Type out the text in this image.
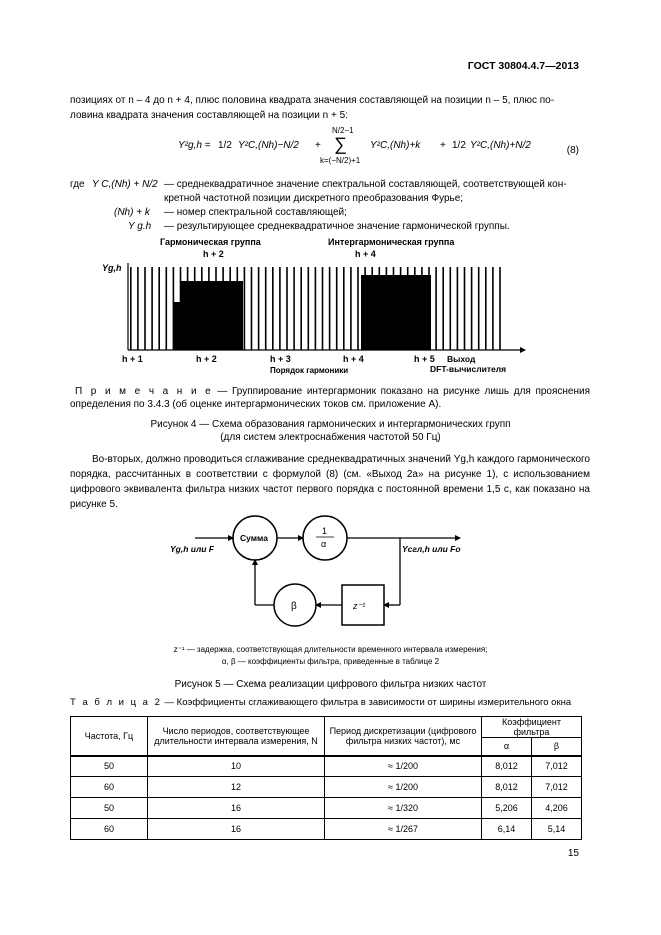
ГОСТ 30804.4.7—2013
позициях от n – 4 до n + 4, плюс половина квадрата значения составляющей на позиции n – 5, плюс по-
ловина квадрата значения составляющей на позиции n + 5:
Y²g,h = 1/2 Y²C,(Nh)−N/2 +
N/2−1
∑
k=(−N/2)+1
Y²C,(Nh)+k + 1/2 Y²C,(Nh)+N/2	(8)
где Y C,(Nh) + N/2 — среднеквадратичное значение спектральной составляющей, соответствующей кон-
кретной частотной позиции дискретного преобразования Фурье;
(Nh) + k — номер спектральной составляющей;
Y g.h — результирующее среднеквадратичное значение гармонической группы.
Гармоническая группа
h + 2
Интергармоническая группа
h + 4
Yg,h
h + 1	h + 2	h + 3	h + 4	h + 5
Порядок гармоники
Выход
DFT-вычислителя
П р и м е ч а н и е — Группирование интергармоник показано на рисунке лишь для прояснения определения по 3.4.3 (об оценке интергармонических токов см. приложение А).
Рисунок 4 — Схема образования гармонических и интергармонических групп
(для систем электроснабжения частотой 50 Гц)
Во-вторых, должно проводиться сглаживание среднеквадратичных значений Yg,h каждого гармонического порядка, рассчитанных в соответствии с формулой (8) (см. «Выход 2а» на рисунке 1), с использованием цифрового эквивалента фильтра низких частот первого порядка с постоянной времени 1,5 с, как показано на рисунке 5.
Сумма
1
α
β	z⁻¹
Yg,h или F	Yсгл,h или Fo
z⁻¹ — задержка, соответствующая длительности временного интервала измерения;
α, β — коэффициенты фильтра, приведенные в таблице 2
Рисунок 5 — Схема реализации цифрового фильтра низких частот
Т а б л и ц а 2 — Коэффициенты сглаживающего фильтра в зависимости от ширины измерительного окна
Частота, Гц	Число периодов, соответствующее длительности интервала измерения, N	Период дискретизации (цифрового фильтра низких частот), мс	Коэффициент фильтра	
			α	β
50	10	≈ 1/200	8,012	7,012
60	12	≈ 1/200	8,012	7,012
50	16	≈ 1/320	5,206	4,206
60	16	≈ 1/267	6,14	5,14
15
